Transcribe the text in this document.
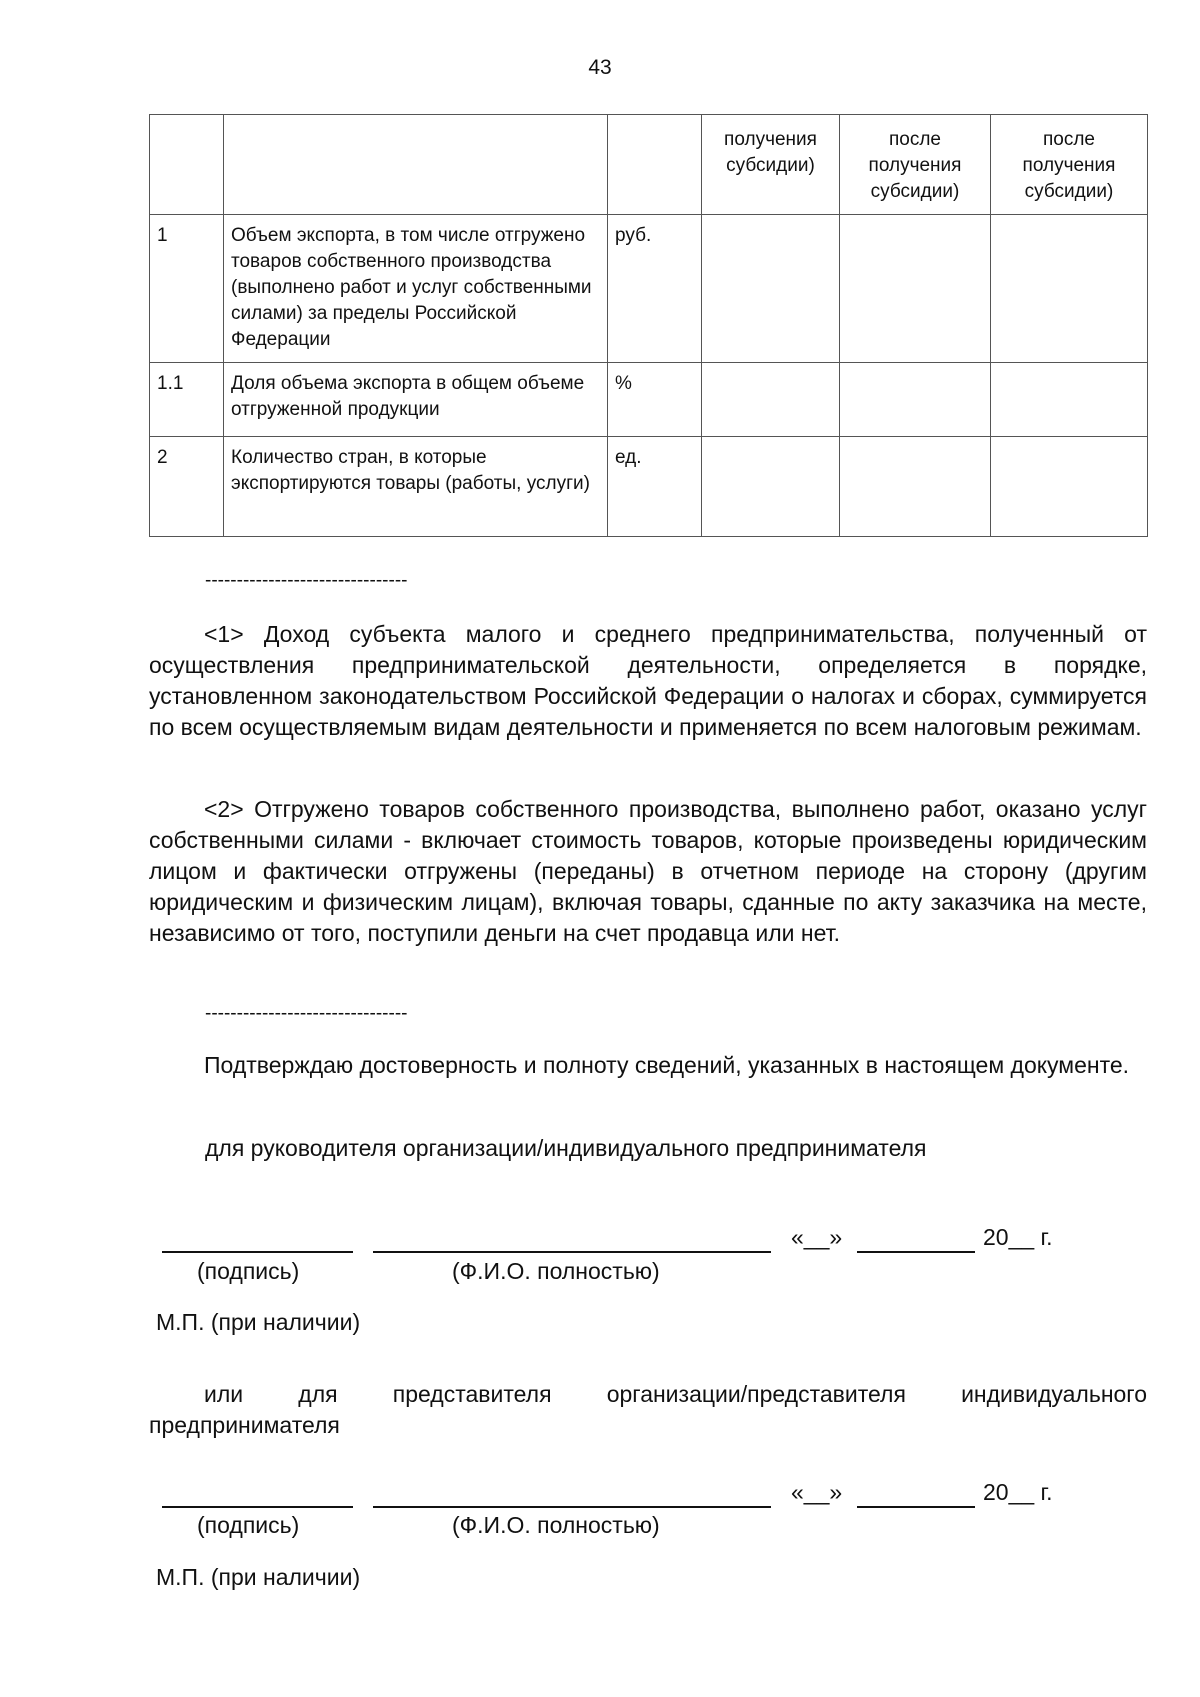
43
			получения субсидии)	после получения субсидии)	после получения субсидии)
1	Объем экспорта, в том числе отгружено товаров собственного производства (выполнено работ и услуг собственными силами) за пределы Российской Федерации	руб.			
1.1	Доля объема экспорта в общем объеме отгруженной продукции	%			
2	Количество стран, в которые экспортируются товары (работы, услуги)	ед.			
--------------------------------
<1> Доход субъекта малого и среднего предпринимательства, полученный от осуществления предпринимательской деятельности, определяется в порядке, установленном законодательством Российской Федерации о налогах и сборах, суммируется по всем осуществляемым видам деятельности и применяется по всем налоговым режимам.
<2> Отгружено товаров собственного производства, выполнено работ, оказано услуг собственными силами - включает стоимость товаров, которые произведены юридическим лицом и фактически отгружены (переданы) в отчетном периоде на сторону (другим юридическим и физическим лицам), включая товары, сданные по акту заказчика на месте, независимо от того, поступили деньги на счет продавца или нет.
--------------------------------
Подтверждаю достоверность и полноту сведений, указанных в настоящем документе.
для руководителя организации/индивидуального предпринимателя
«__»	20__ г.
(подпись)	(Ф.И.О. полностью)
М.П. (при наличии)
или для представителя организации/представителя индивидуального предпринимателя
«__»	20__ г.
(подпись)	(Ф.И.О. полностью)
М.П. (при наличии)
